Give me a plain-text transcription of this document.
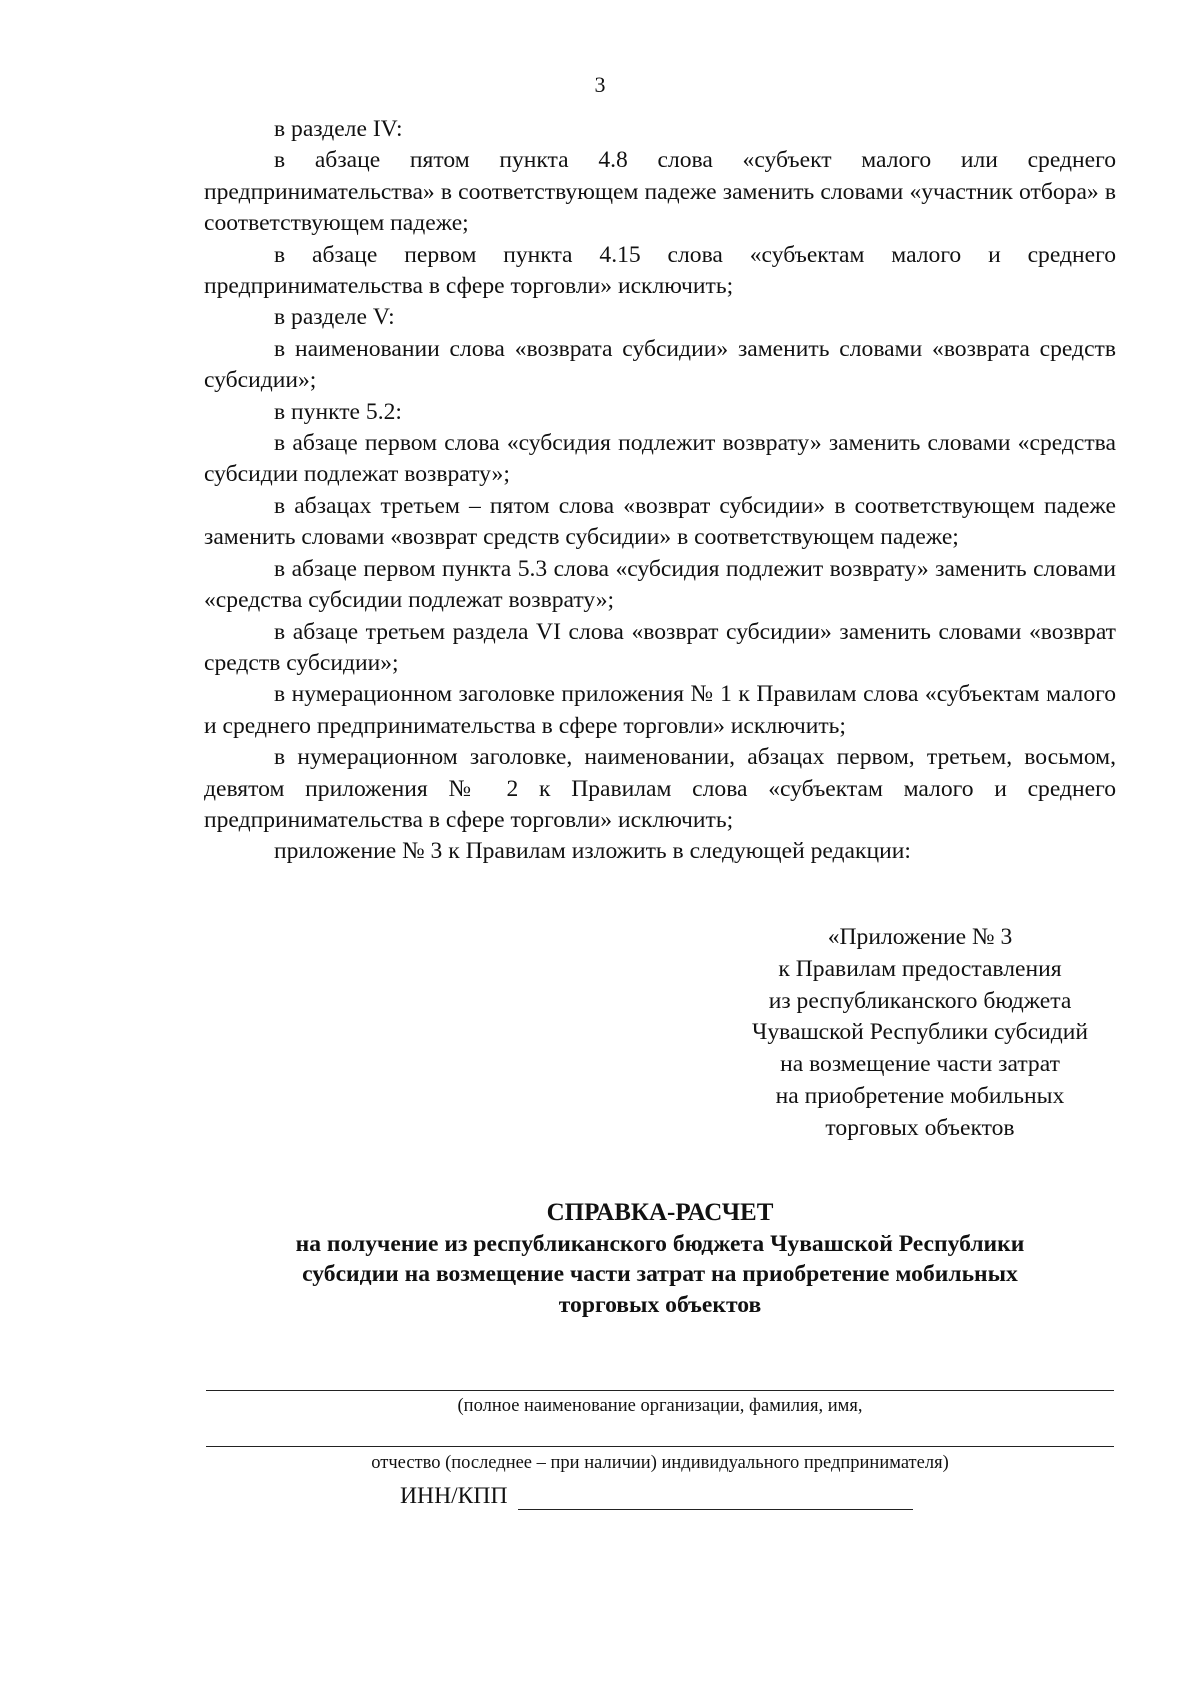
3

в разделе IV:

в абзаце пятом пункта 4.8 слова «субъект малого или среднего предпринимательства» в соответствующем падеже заменить словами «участник отбора» в соответствующем падеже;

в абзаце первом пункта 4.15 слова «субъектам малого и среднего предпринимательства в сфере торговли» исключить;

в разделе V:

в наименовании слова «возврата субсидии» заменить словами «возврата средств субсидии»;

в пункте 5.2:

в абзаце первом слова «субсидия подлежит возврату» заменить словами «средства субсидии подлежат возврату»;

в абзацах третьем – пятом слова «возврат субсидии» в соответствующем падеже заменить словами «возврат средств субсидии» в соответствующем падеже;

в абзаце первом пункта 5.3 слова «субсидия подлежит возврату» заменить словами «средства субсидии подлежат возврату»;

в абзаце третьем раздела VI слова «возврат субсидии» заменить словами «возврат средств субсидии»;

в нумерационном заголовке приложения № 1 к Правилам слова «субъектам малого и среднего предпринимательства в сфере торговли» исключить;

в нумерационном заголовке, наименовании, абзацах первом, третьем, восьмом, девятом приложения № 2 к Правилам слова «субъектам малого и среднего предпринимательства в сфере торговли» исключить;

приложение № 3 к Правилам изложить в следующей редакции:

«Приложение № 3
к Правилам предоставления
из республиканского бюджета
Чувашской Республики субсидий
на возмещение части затрат
на приобретение мобильных
торговых объектов
СПРАВКА-РАСЧЕТ
на получение из республиканского бюджета Чувашской Республики
субсидии на возмещение части затрат на приобретение мобильных
торговых объектов
(полное наименование организации, фамилия, имя,
отчество (последнее – при наличии) индивидуального предпринимателя)
ИНН/КПП
